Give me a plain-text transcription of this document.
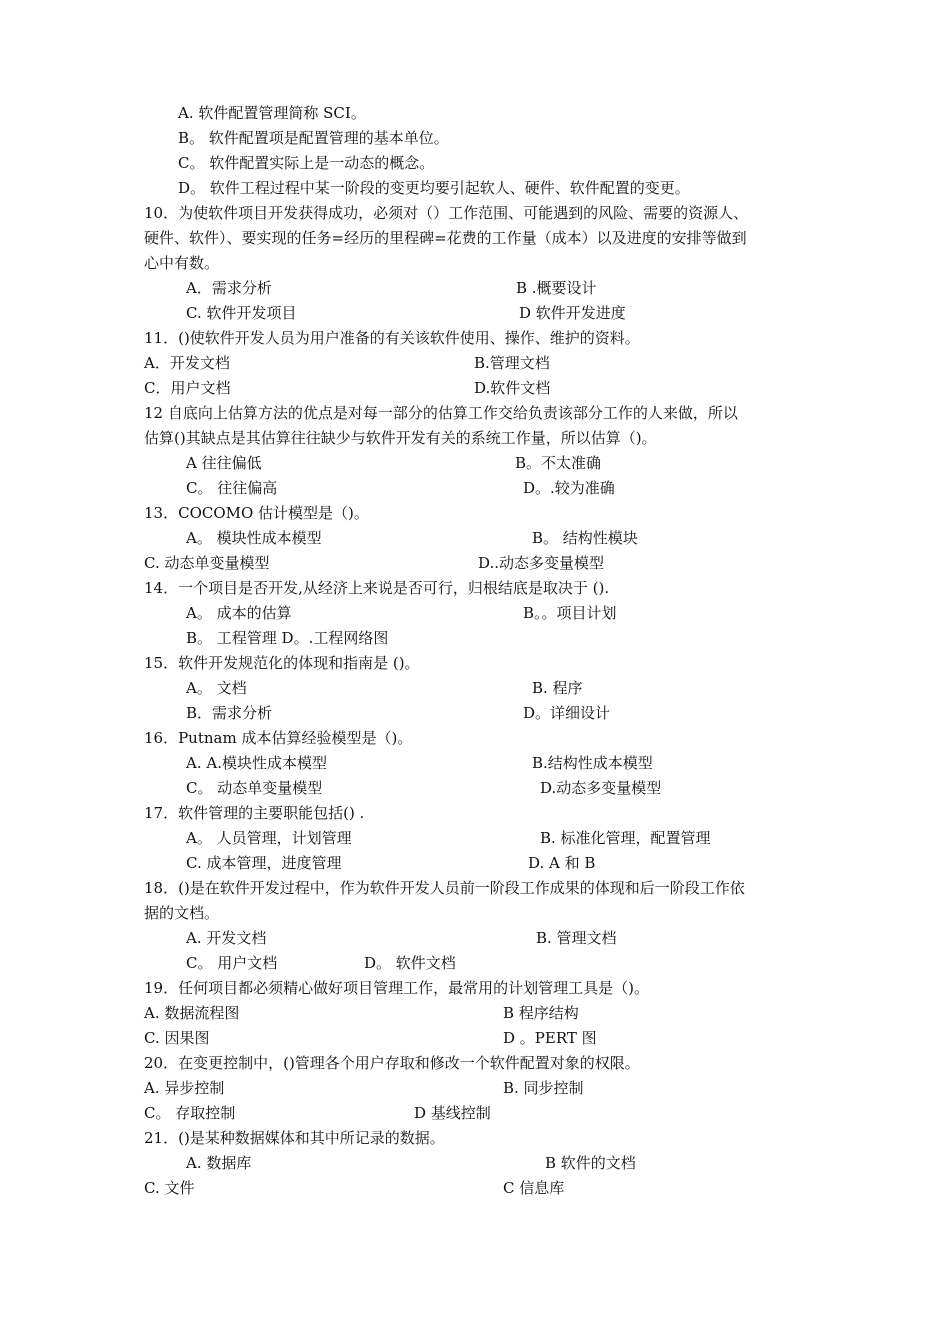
A. 软件配置管理简称 SCI。
B。 软件配置项是配置管理的基本单位。
C。 软件配置实际上是一动态的概念。
D。 软件工程过程中某一阶段的变更均要引起软人、硬件、软件配置的变更。
10．为使软件项目开发获得成功，必须对（）工作范围、可能遇到的风险、需要的资源人、
硬件、软件）、要实现的任务=经历的里程碑=花费的工作量（成本）以及进度的安排等做到
心中有数。
A．需求分析	B .概要设计
C. 软件开发项目	D 软件开发进度
11．()使软件开发人员为用户准备的有关该软件使用、操作、维护的资料。
A．开发文档	B.管理文档
C．用户文档	D.软件文档
12 自底向上估算方法的优点是对每一部分的估算工作交给负责该部分工作的人来做，所以
估算()其缺点是其估算往往缺少与软件开发有关的系统工作量，所以估算（)。
A 往往偏低	B。不太准确
C。 往往偏高	D。.较为准确
13．COCOMO 估计模型是（)。
A。 模块性成本模型	B。 结构性模块
C. 动态单变量模型	D..动态多变量模型
14．一个项目是否开发,从经济上来说是否可行，归根结底是取决于 ().
A。 成本的估算	B。。项目计划
B。 工程管理 D。.工程网络图
15．软件开发规范化的体现和指南是 ()。
A。 文档	B. 程序
B．需求分析	D。详细设计
16．Putnam 成本估算经验模型是（)。
A. A.模块性成本模型	B.结构性成本模型
C。 动态单变量模型	D.动态多变量模型
17．软件管理的主要职能包括() .
A。 人员管理，计划管理	B. 标准化管理，配置管理
C. 成本管理，进度管理	D. A 和 B
18．()是在软件开发过程中，作为软件开发人员前一阶段工作成果的体现和后一阶段工作依
据的文档。
A. 开发文档	B. 管理文档
C。 用户文档	D。 软件文档
19．任何项目都必须精心做好项目管理工作，最常用的计划管理工具是（)。
A. 数据流程图	B 程序结构
C. 因果图	D 。PERT 图
20．在变更控制中，()管理各个用户存取和修改一个软件配置对象的权限。
A. 异步控制	B. 同步控制
C。 存取控制	D 基线控制
21．()是某种数据媒体和其中所记录的数据。
A. 数据库	B 软件的文档
C. 文件	C 信息库
